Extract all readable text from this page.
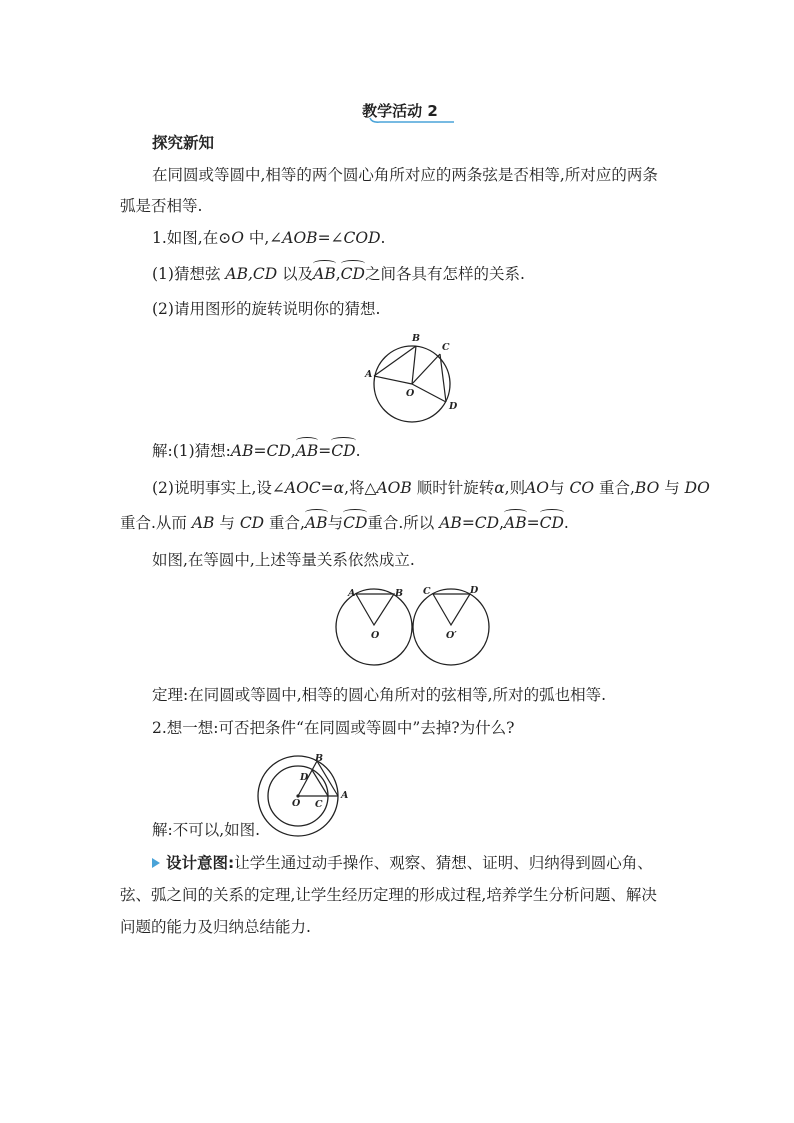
教学活动 2
探究新知
在同圆或等圆中,相等的两个圆心角所对应的两条弦是否相等,所对应的两条
弧是否相等.
1.如图,在⊙O 中,∠AOB=∠COD.
(1)猜想弦 AB,CD 以及AB,CD之间各具有怎样的关系.
(2)请用图形的旋转说明你的猜想.
A
B
C
D
O
解:(1)猜想:AB=CD,AB=CD.
(2)说明事实上,设∠AOC=α,将△AOB 顺时针旋转α,则AO与 CO 重合,BO 与 DO
重合.从而 AB 与 CD 重合,AB与CD重合.所以 AB=CD,AB=CD.
如图,在等圆中,上述等量关系依然成立.
A	B
O
C	D
O′
定理:在同圆或等圆中,相等的圆心角所对的弦相等,所对的弧也相等.
2.想一想:可否把条件“在同圆或等圆中”去掉?为什么?
D
B
O C
A
解:不可以,如图.
设计意图:让学生通过动手操作、观察、猜想、证明、归纳得到圆心角、
弦、弧之间的关系的定理,让学生经历定理的形成过程,培养学生分析问题、解决
问题的能力及归纳总结能力.
